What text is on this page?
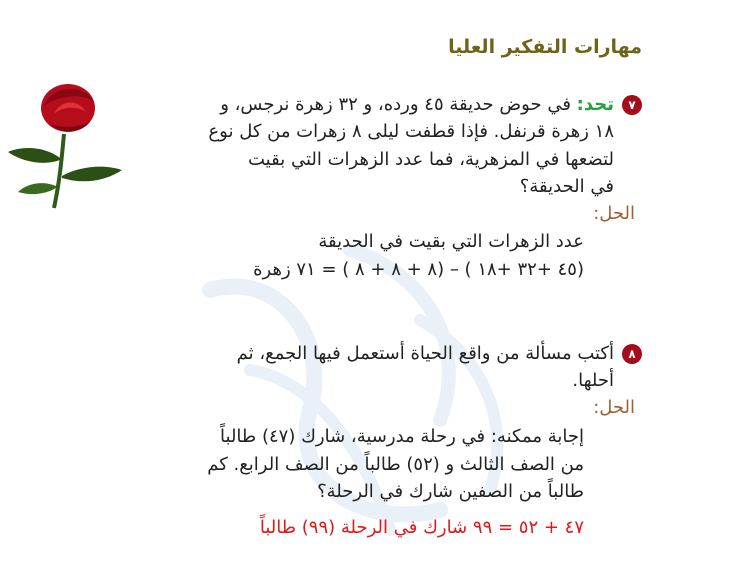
مهارات التفكير العليا
٧
تحد: في حوض حديقة ٤٥ ورده، و ٣٢ زهرة نرجس، و
١٨ زهرة قرنفل. فإذا قطفت ليلى ٨ زهرات من كل نوع
لتضعها في المزهرية، فما عدد الزهرات التي بقيت
في الحديقة؟
الحل:
عدد الزهرات التي بقيت في الحديقة
(٤٥ +٣٢ +١٨ ) – (٨ + ٨ + ٨ ) = ٧١ زهرة
٨
أكتب مسألة من واقع الحياة أستعمل فيها الجمع، ثم
أحلها.
الحل:
إجابة ممكنه: في رحلة مدرسية، شارك (٤٧) طالباً
من الصف الثالث و (٥٢) طالباً من الصف الرابع. كم
طالباً من الصفين شارك في الرحلة؟
٤٧ + ٥٢ = ٩٩ شارك في الرحلة (٩٩) طالباً
